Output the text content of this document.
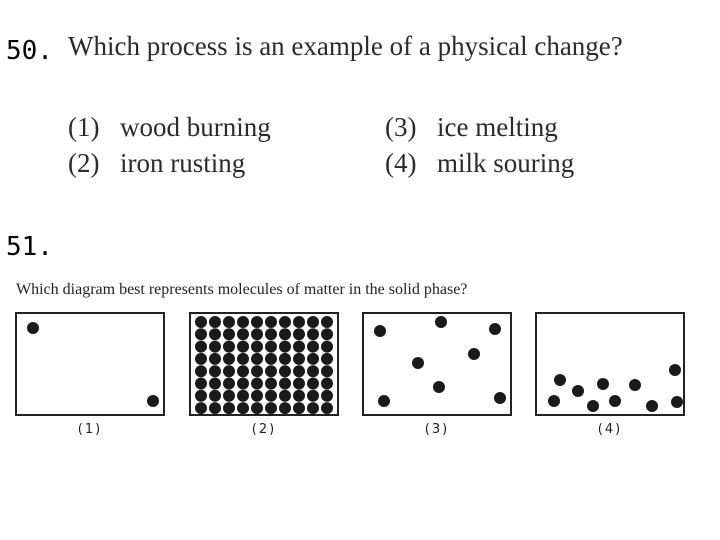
50. Which process is an example of a physical change?
(1) wood burning
(2) iron rusting
(3) ice melting
(4) milk souring
51.
Which diagram best represents molecules of matter in the solid phase?
(1)	(2)	(3)	(4)
